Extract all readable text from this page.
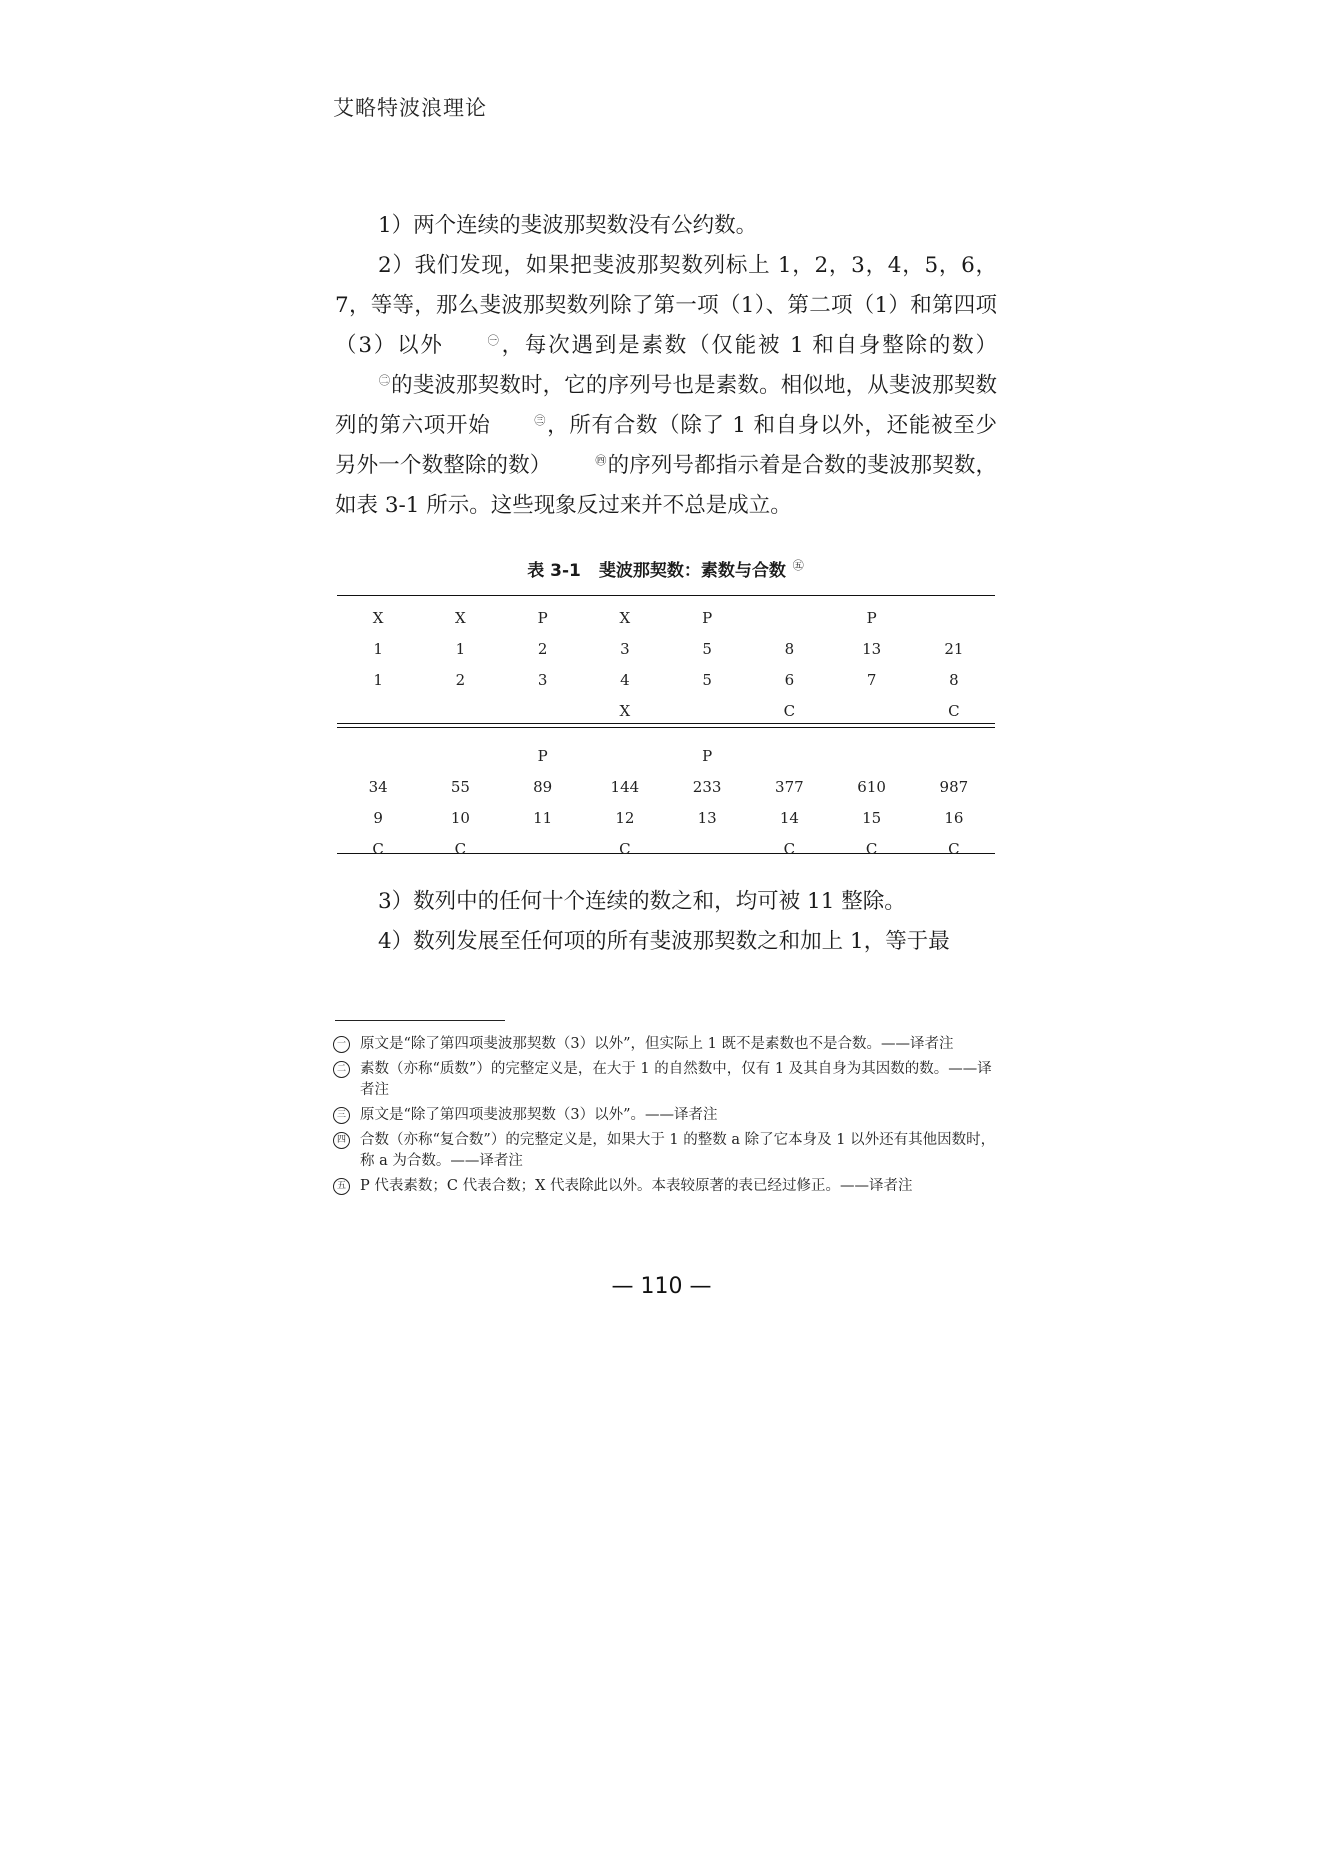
艾略特波浪理论

1）两个连续的斐波那契数没有公约数。

2）我们发现，如果把斐波那契数列标上 1，2，3，4，5，6，7，等等，那么斐波那契数列除了第一项（1）、第二项（1）和第四项（3）以外	㊀，每次遇到是素数（仅能被 1 和自身整除的数）㊁的斐波那契数时，它的序列号也是素数。相似地，从斐波那契数列的第六项开始	㊂，所有合数（除了 1 和自身以外，还能被至少另外一个数整除的数）	㊃的序列号都指示着是合数的斐波那契数，如表 3-1 所示。这些现象反过来并不总是成立。

表 3-1 斐波那契数：素数与合数 ㊄
X	X	P	X	P		P	
1	1	2	3	5	8	13	21
1	2	3	4	5	6	7	8
			X		C		C

		P		P			
34	55	89	144	233	377	610	987
9	10	11	12	13	14	15	16
C	C		C		C	C	C

3）数列中的任何十个连续的数之和，均可被 11 整除。

4）数列发展至任何项的所有斐波那契数之和加上 1，等于最

一 原文是“除了第四项斐波那契数（3）以外”，但实际上 1 既不是素数也不是合数。——译者注
二 素数（亦称“质数”）的完整定义是，在大于 1 的自然数中，仅有 1 及其自身为其因数的数。——译者注
三 原文是“除了第四项斐波那契数（3）以外”。——译者注
四 合数（亦称“复合数”）的完整定义是，如果大于 1 的整数 a 除了它本身及 1 以外还有其他因数时，称 a 为合数。——译者注
五 P 代表素数；C 代表合数；X 代表除此以外。本表较原著的表已经过修正。——译者注
— 110 —
